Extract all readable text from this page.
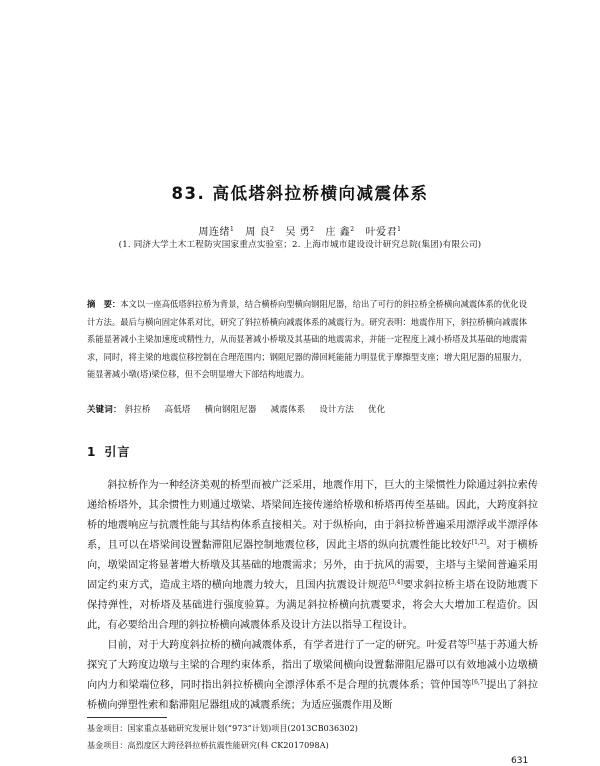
83. 高低塔斜拉桥横向减震体系
周连绪$^1$ 周 良$^2$ 吴 勇$^2$ 庄 鑫$^2$ 叶爱君$^1$
(1. 同济大学土木工程防灾国家重点实验室；2. 上海市城市建设设计研究总院(集团)有限公司)
摘　要：本文以一座高低塔斜拉桥为背景，结合横桥向型横向钢阻尼器，给出了可行的斜拉桥全桥横向减震体系的优化设计方法。最后与横向固定体系对比，研究了斜拉桥横向减震体系的减震行为。研究表明：地震作用下，斜拉桥横向减震体系能显著减小主梁加速度或精性力，从而显著减小桥墩及其基础的地震需求，并能一定程度上减小桥塔及其基础的地震需求，同时，将主梁的地震位移控制在合理范围内；钢阻尼器的滞回耗能能力明显优于摩擦型支座；增大阻尼器的屈服力，能显著减小墩(塔)梁位移，但不会明显增大下部结构地震力。
关键词： 斜拉桥 高低塔 横向钢阻尼器 减震体系 设计方法 优化
1 引言

斜拉桥作为一种经济美观的桥型而被广泛采用，地震作用下，巨大的主梁惯性力除通过斜拉索传递给桥塔外，其余惯性力则通过墩梁、塔梁间连接传递给桥墩和桥塔再传至基础。因此，大跨度斜拉桥的地震响应与抗震性能与其结构体系直接相关。对于纵桥向，由于斜拉桥普遍采用漂浮或半漂浮体系，且可以在塔梁间设置黏滞阻尼器控制地震位移，因此主塔的纵向抗震性能比较好[1,2]。对于横桥向，墩梁固定将显著增大桥墩及其基础的地震需求；另外，由于抗风的需要，主塔与主梁间普遍采用固定约束方式，造成主塔的横向地震力较大，且国内抗震设计规范[3,4]要求斜拉桥主塔在设防地震下保持弹性，对桥塔及基础进行强度验算。为满足斜拉桥横向抗震要求，将会大大增加工程造价。因此，有必要给出合理的斜拉桥横向减震体系及设计方法以指导工程设计。

目前，对于大跨度斜拉桥的横向减震体系，有学者进行了一定的研究。叶爱君等[5]基于苏通大桥探究了大跨度边墩与主梁的合理约束体系，指出了墩梁间横向设置黏滞阻尼器可以有效地减小边墩横向内力和梁端位移，同时指出斜拉桥横向全漂浮体系不是合理的抗震体系；管仲国等[6,7]提出了斜拉桥横向弹塑性索和黏滞阻尼器组成的减震系统；为适应强震作用及断

基金项目：国家重点基础研究发展计划(“973”计划)项目(2013CB036302)
基金项目：高烈度区大跨径斜拉桥抗震性能研究(科 CK2017098A)
631
